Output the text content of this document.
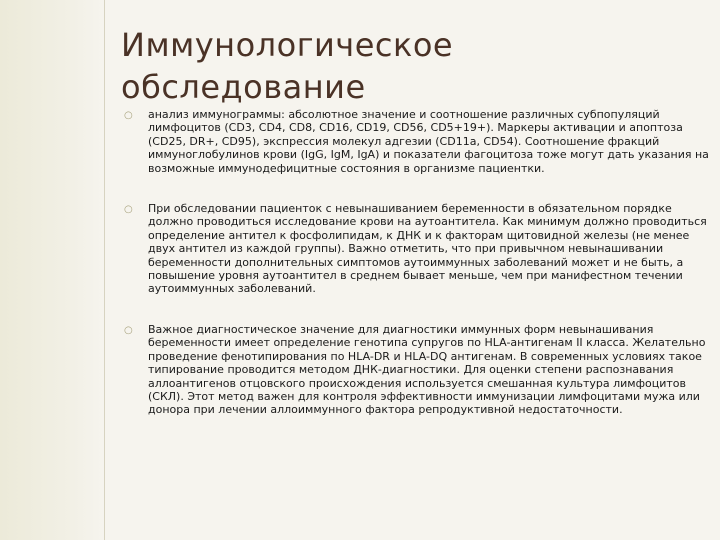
Иммунологическое
обследование
○ анализ иммунограммы: абсолютное значение и соотношение различных субпопуляций лимфоцитов (CD3, CD4, CD8, CD16, CD19, CD56, CD5+19+). Маркеры активации и апоптоза (CD25, DR+, CD95), экспрессия молекул адгезии (CD11a, CD54). Соотношение фракций иммуноглобулинов крови (IgG, IgM, IgA) и показатели фагоцитоза тоже могут дать указания на возможные иммунодефицитные состояния в организме пациентки.
○ При обследовании пациенток с невынашиванием беременности в обязательном порядке должно проводиться исследование крови на аутоантитела. Как минимум должно проводиться определение антител к фосфолипидам, к ДНК и к факторам щитовидной железы (не менее двух антител из каждой группы). Важно отметить, что при привычном невынашивании беременности дополнительных симптомов аутоиммунных заболеваний может и не быть, а повышение уровня аутоантител в среднем бывает меньше, чем при манифестном течении аутоиммунных заболеваний.
○ Важное диагностическое значение для диагностики иммунных форм невынашивания беременности имеет определение генотипа супругов по HLA-антигенам II класса. Желательно проведение фенотипирования по HLA-DR и HLA-DQ антигенам. В современных условиях такое типирование проводится методом ДНК-диагностики. Для оценки степени распознавания аллоантигенов отцовского происхождения используется смешанная культура лимфоцитов (СКЛ). Этот метод важен для контроля эффективности иммунизации лимфоцитами мужа или донора при лечении аллоиммунного фактора репродуктивной недостаточности.
